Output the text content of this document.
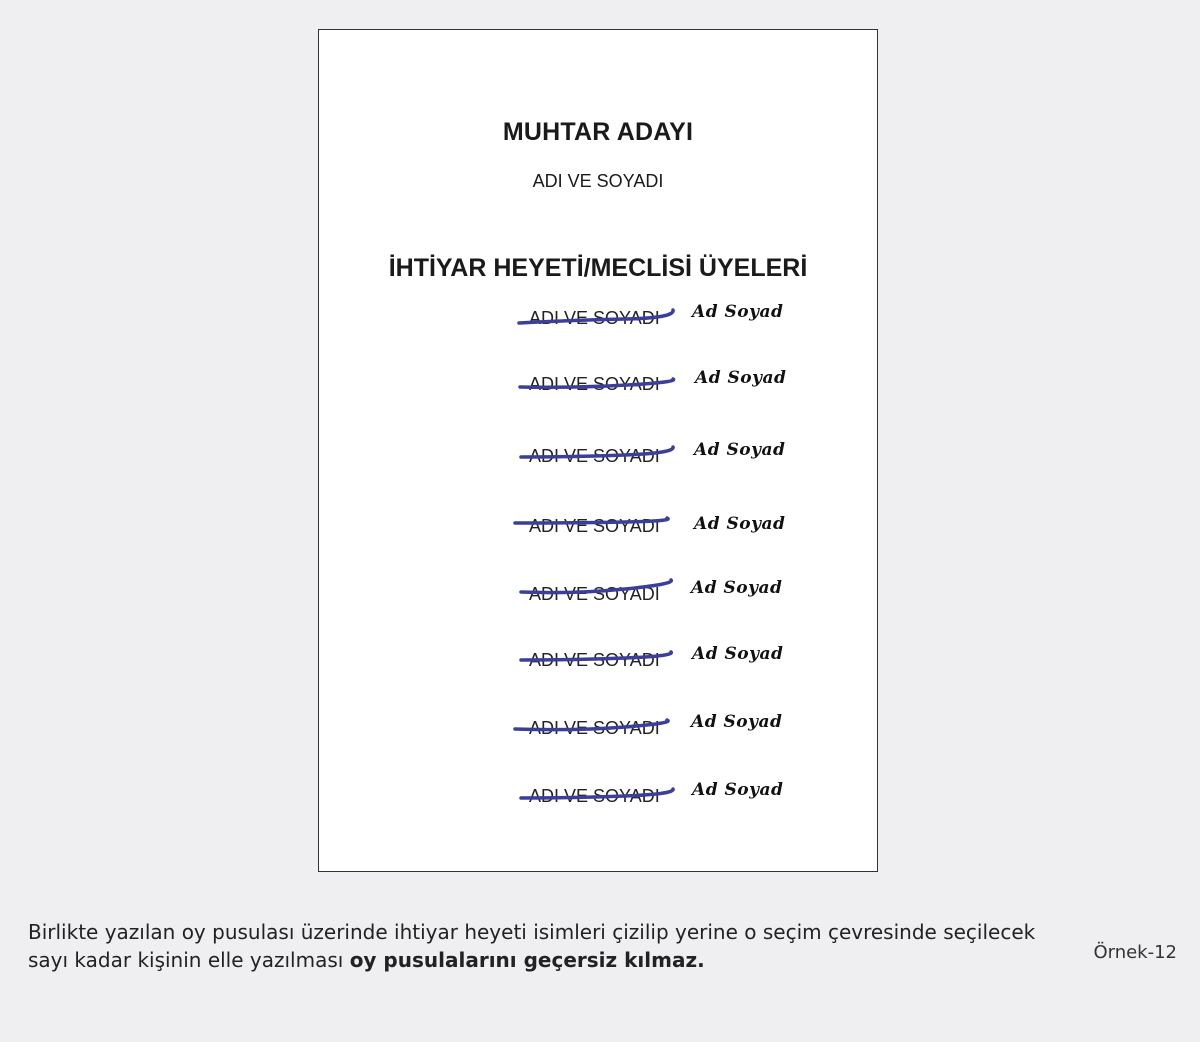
MUHTAR ADAYI
ADI VE SOYADI
İHTİYAR HEYETİ/MECLİSİ ÜYELERİ
ADI VE SOYADI Ad Soyad
ADI VE SOYADI Ad Soyad
ADI VE SOYADI Ad Soyad
ADI VE SOYADI Ad Soyad
ADI VE SOYADI Ad Soyad
ADI VE SOYADI Ad Soyad
ADI VE SOYADI Ad Soyad
ADI VE SOYADI Ad Soyad
Birlikte yazılan oy pusulası üzerinde ihtiyar heyeti isimleri çizilip yerine o seçim çevresinde seçilecek
sayı kadar kişinin elle yazılması oy pusulalarını geçersiz kılmaz.	Örnek-12
